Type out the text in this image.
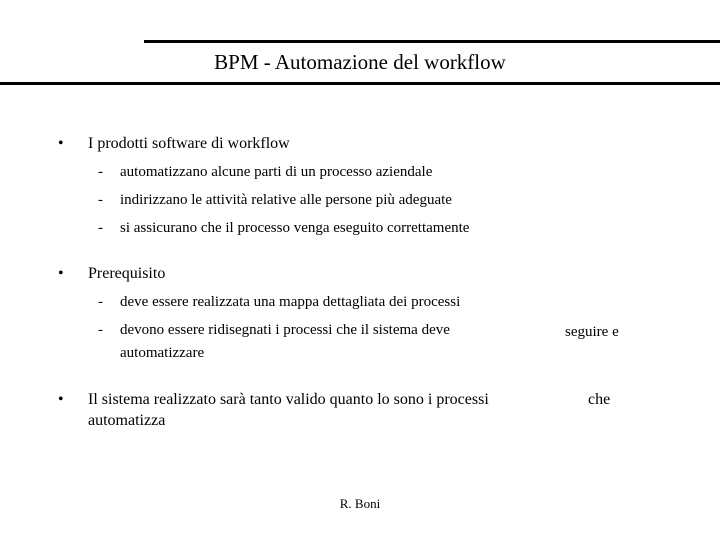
BPM - Automazione del workflow
• I prodotti software di workflow
- automatizzano alcune parti di un processo aziendale
- indirizzano le attività relative alle persone più adeguate
- si assicurano che il processo venga eseguito correttamente
• Prerequisito
- deve essere realizzata una mappa dettagliata dei processi
- devono essere ridisegnati i processi che il sistema deve	seguire e
automatizzare
• Il sistema realizzato sarà tanto valido quanto lo sono i processi	che
automatizza
R. Boni
